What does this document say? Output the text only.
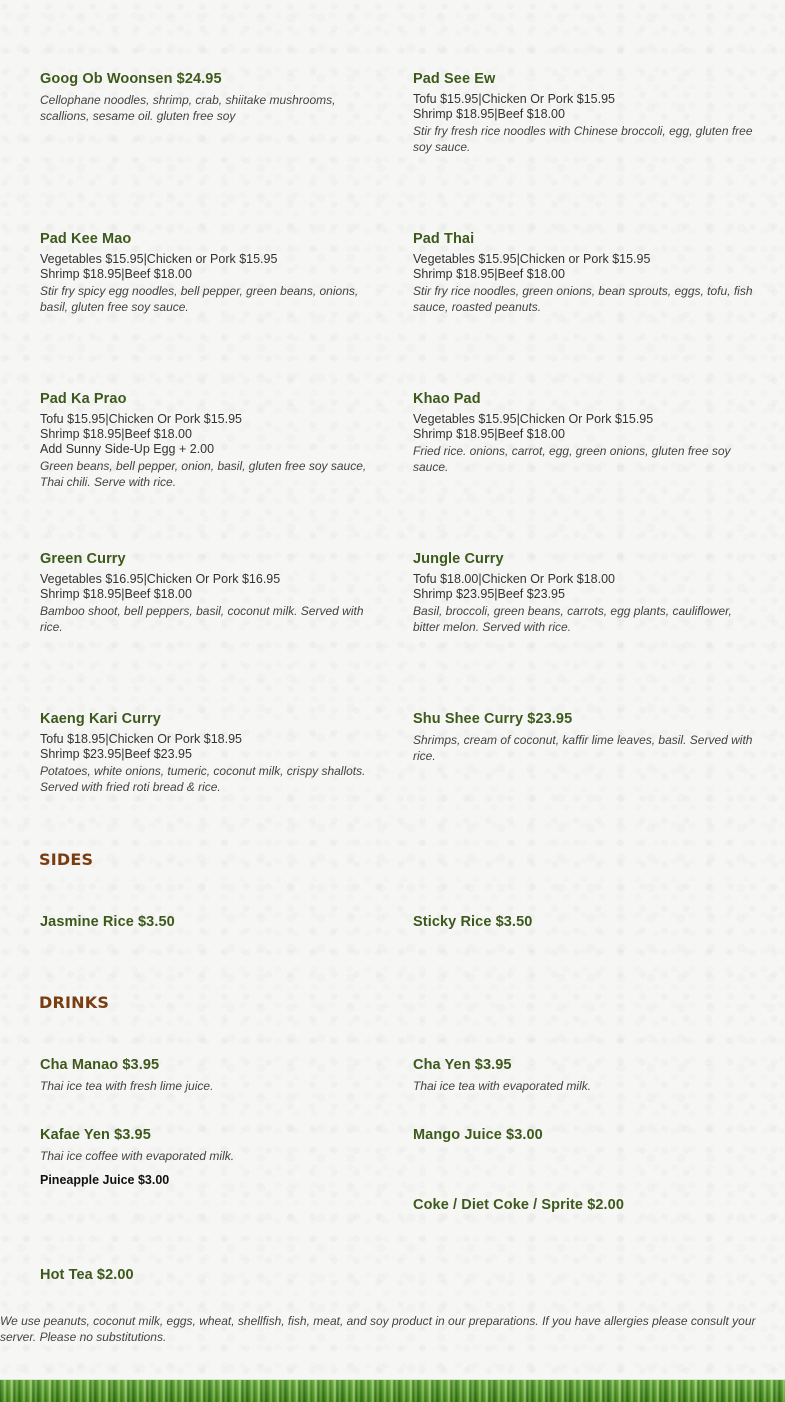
Goog Ob Woonsen $24.95
Cellophane noodles, shrimp, crab, shiitake mushrooms, scallions, sesame oil. gluten free soy
Pad See Ew
Tofu $15.95|Chicken Or Pork $15.95
Shrimp $18.95|Beef $18.00
Stir fry fresh rice noodles with Chinese broccoli, egg, gluten free soy sauce.
Pad Kee Mao
Vegetables $15.95|Chicken or Pork $15.95
Shrimp $18.95|Beef $18.00
Stir fry spicy egg noodles, bell pepper, green beans, onions, basil, gluten free soy sauce.
Pad Thai
Vegetables $15.95|Chicken or Pork $15.95
Shrimp $18.95|Beef $18.00
Stir fry rice noodles, green onions, bean sprouts, eggs, tofu, fish sauce, roasted peanuts.
Pad Ka Prao
Tofu $15.95|Chicken Or Pork $15.95
Shrimp $18.95|Beef $18.00
Add Sunny Side-Up Egg + 2.00
Green beans, bell pepper, onion, basil, gluten free soy sauce, Thai chili. Serve with rice.
Khao Pad
Vegetables $15.95|Chicken Or Pork $15.95
Shrimp $18.95|Beef $18.00
Fried rice. onions, carrot, egg, green onions, gluten free soy sauce.
Green Curry
Vegetables $16.95|Chicken Or Pork $16.95
Shrimp $18.95|Beef $18.00
Bamboo shoot, bell peppers, basil, coconut milk. Served with rice.
Jungle Curry
Tofu $18.00|Chicken Or Pork $18.00
Shrimp $23.95|Beef $23.95
Basil, broccoli, green beans, carrots, egg plants, cauliflower, bitter melon. Served with rice.
Kaeng Kari Curry
Tofu $18.95|Chicken Or Pork $18.95
Shrimp $23.95|Beef $23.95
Potatoes, white onions, tumeric, coconut milk, crispy shallots. Served with fried roti bread & rice.
Shu Shee Curry $23.95
Shrimps, cream of coconut, kaffir lime leaves, basil. Served with rice.
SIDES
Jasmine Rice $3.50	Sticky Rice $3.50
DRINKS
Cha Manao $3.95
Thai ice tea with fresh lime juice.
Cha Yen $3.95
Thai ice tea with evaporated milk.
Kafae Yen $3.95
Thai ice coffee with evaporated milk.
Mango Juice $3.00
Pineapple Juice $3.00
Coke / Diet Coke / Sprite $2.00
Hot Tea $2.00
We use peanuts, coconut milk, eggs, wheat, shellfish, fish, meat, and soy product in our preparations. If you have allergies please consult your server. Please no substitutions.
